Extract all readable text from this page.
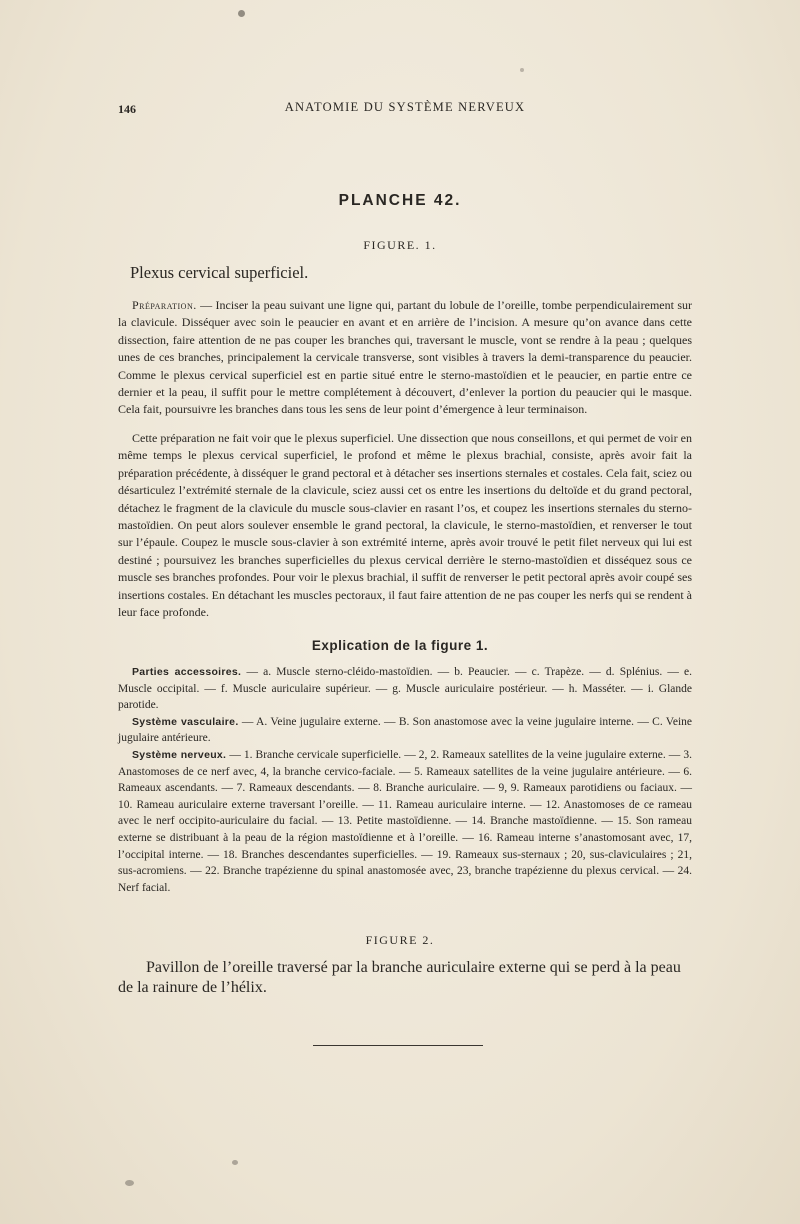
146	ANATOMIE DU SYSTÈME NERVEUX
PLANCHE 42.
FIGURE. 1.
Plexus cervical superficiel.

Préparation. — Inciser la peau suivant une ligne qui, partant du lobule de l’oreille, tombe perpendiculairement sur la clavicule. Disséquer avec soin le peaucier en avant et en arrière de l’incision. A mesure qu’on avance dans cette dissection, faire attention de ne pas couper les branches qui, traversant le muscle, vont se rendre à la peau ; quelques unes de ces branches, principalement la cervicale transverse, sont visibles à travers la demi-transparence du peaucier. Comme le plexus cervical superficiel est en partie situé entre le sterno-mastoïdien et le peaucier, en partie entre ce dernier et la peau, il suffit pour le mettre complétement à découvert, d’enlever la portion du peaucier qui le masque. Cela fait, poursuivre les branches dans tous les sens de leur point d’émergence à leur terminaison.

Cette préparation ne fait voir que le plexus superficiel. Une dissection que nous conseillons, et qui permet de voir en même temps le plexus cervical superficiel, le profond et même le plexus brachial, consiste, après avoir fait la préparation précédente, à disséquer le grand pectoral et à détacher ses insertions sternales et costales. Cela fait, sciez ou désarticulez l’extrémité sternale de la clavicule, sciez aussi cet os entre les insertions du deltoïde et du grand pectoral, détachez le fragment de la clavicule du muscle sous-clavier en rasant l’os, et coupez les insertions sternales du sterno-mastoïdien. On peut alors soulever ensemble le grand pectoral, la clavicule, le sterno-mastoïdien, et renverser le tout sur l’épaule. Coupez le muscle sous-clavier à son extrémité interne, après avoir trouvé le petit filet nerveux qui lui est destiné ; poursuivez les branches superficielles du plexus cervical derrière le sterno-mastoïdien et disséquez sous ce muscle ses branches profondes. Pour voir le plexus brachial, il suffit de renverser le petit pectoral après avoir coupé ses insertions costales. En détachant les muscles pectoraux, il faut faire attention de ne pas couper les nerfs qui se rendent à leur face profonde.

Explication de la figure 1.

Parties accessoires. — a. Muscle sterno-cléido-mastoïdien. — b. Peaucier. — c. Trapèze. — d. Splénius. — e. Muscle occipital. — f. Muscle auriculaire supérieur. — g. Muscle auriculaire postérieur. — h. Masséter. — i. Glande parotide.

Système vasculaire. — A. Veine jugulaire externe. — B. Son anastomose avec la veine jugulaire interne. — C. Veine jugulaire antérieure.

Système nerveux. — 1. Branche cervicale superficielle. — 2, 2. Rameaux satellites de la veine jugulaire externe. — 3. Anastomoses de ce nerf avec, 4, la branche cervico-faciale. — 5. Rameaux satellites de la veine jugulaire antérieure. — 6. Rameaux ascendants. — 7. Rameaux descendants. — 8. Branche auriculaire. — 9, 9. Rameaux parotidiens ou faciaux. — 10. Rameau auriculaire externe traversant l’oreille. — 11. Rameau auriculaire interne. — 12. Anastomoses de ce rameau avec le nerf occipito-auriculaire du facial. — 13. Petite mastoïdienne. — 14. Branche mastoïdienne. — 15. Son rameau externe se distribuant à la peau de la région mastoïdienne et à l’oreille. — 16. Rameau interne s’anastomosant avec, 17, l’occipital interne. — 18. Branches descendantes superficielles. — 19. Rameaux sus-sternaux ; 20, sus-claviculaires ; 21, sus-acromiens. — 22. Branche trapézienne du spinal anastomosée avec, 23, branche trapézienne du plexus cervical. — 24. Nerf facial.

FIGURE 2.
Pavillon de l’oreille traversé par la branche auriculaire externe qui se perd à la peau de la rainure de l’hélix.
